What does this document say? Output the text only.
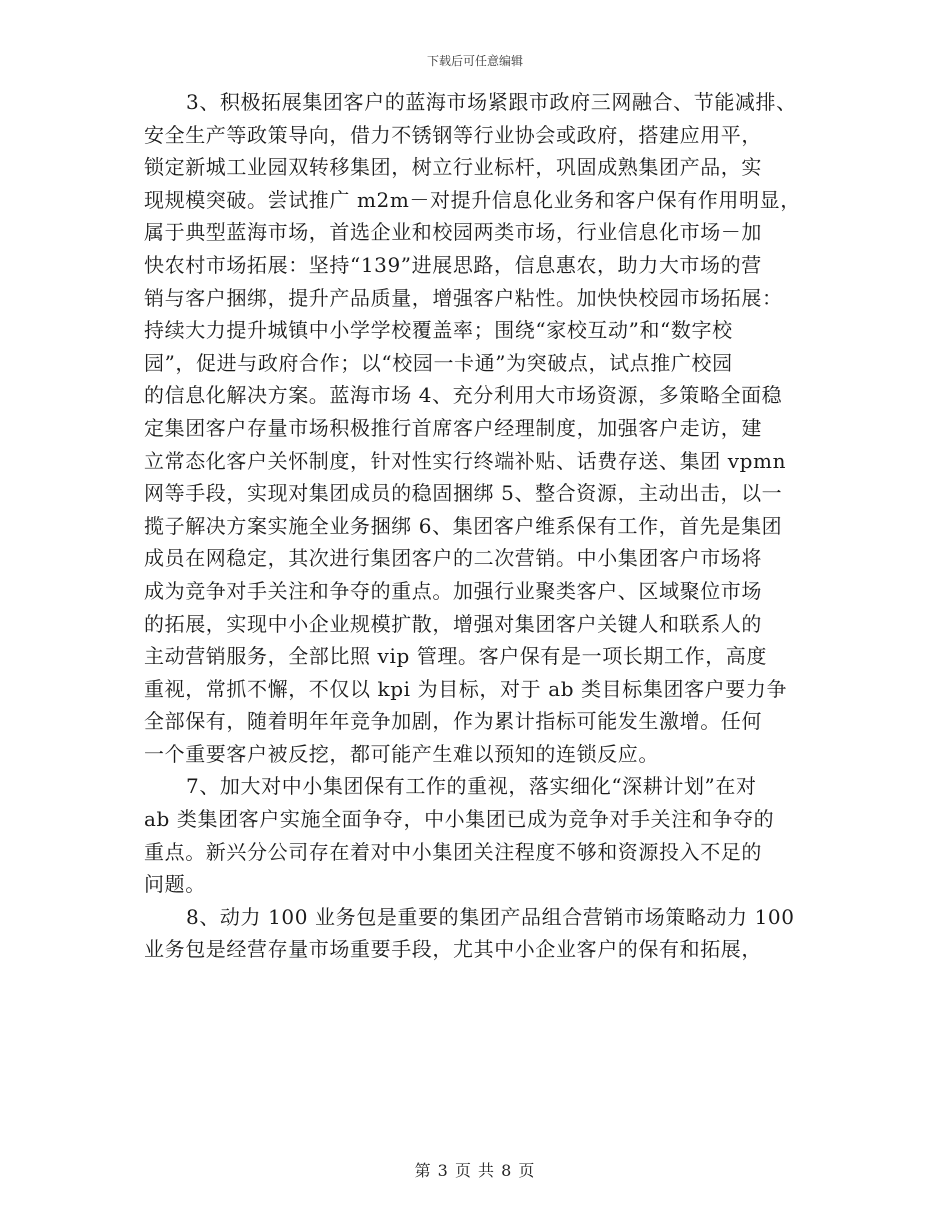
下载后可任意编辑

3、积极拓展集团客户的蓝海市场紧跟市政府三网融合、节能减排、
安全生产等政策导向，借力不锈钢等行业协会或政府，搭建应用平，
锁定新城工业园双转移集团，树立行业标杆，巩固成熟集团产品，实
现规模突破。尝试推广 m2m－对提升信息化业务和客户保有作用明显，
属于典型蓝海市场，首选企业和校园两类市场，行业信息化市场－加
快农村市场拓展：坚持“139”进展思路，信息惠农，助力大市场的营
销与客户捆绑，提升产品质量，增强客户粘性。加快快校园市场拓展：
持续大力提升城镇中小学学校覆盖率；围绕“家校互动”和“数字校
园”，促进与政府合作；以“校园一卡通”为突破点，试点推广校园
的信息化解决方案。蓝海市场 4、充分利用大市场资源，多策略全面稳
定集团客户存量市场积极推行首席客户经理制度，加强客户走访，建
立常态化客户关怀制度，针对性实行终端补贴、话费存送、集团 vpmn
网等手段，实现对集团成员的稳固捆绑 5、整合资源，主动出击，以一
揽子解决方案实施全业务捆绑 6、集团客户维系保有工作，首先是集团
成员在网稳定，其次进行集团客户的二次营销。中小集团客户市场将
成为竞争对手关注和争夺的重点。加强行业聚类客户、区域聚位市场
的拓展，实现中小企业规模扩散，增强对集团客户关键人和联系人的
主动营销服务，全部比照 vip 管理。客户保有是一项长期工作，高度
重视，常抓不懈，不仅以 kpi 为目标，对于 ab 类目标集团客户要力争
全部保有，随着明年年竞争加剧，作为累计指标可能发生激增。任何
一个重要客户被反挖，都可能产生难以预知的连锁反应。

7、加大对中小集团保有工作的重视，落实细化“深耕计划”在对
ab 类集团客户实施全面争夺，中小集团已成为竞争对手关注和争夺的
重点。新兴分公司存在着对中小集团关注程度不够和资源投入不足的
问题。

8、动力 100 业务包是重要的集团产品组合营销市场策略动力 100
业务包是经营存量市场重要手段，尤其中小企业客户的保有和拓展，

第 3 页 共 8 页
